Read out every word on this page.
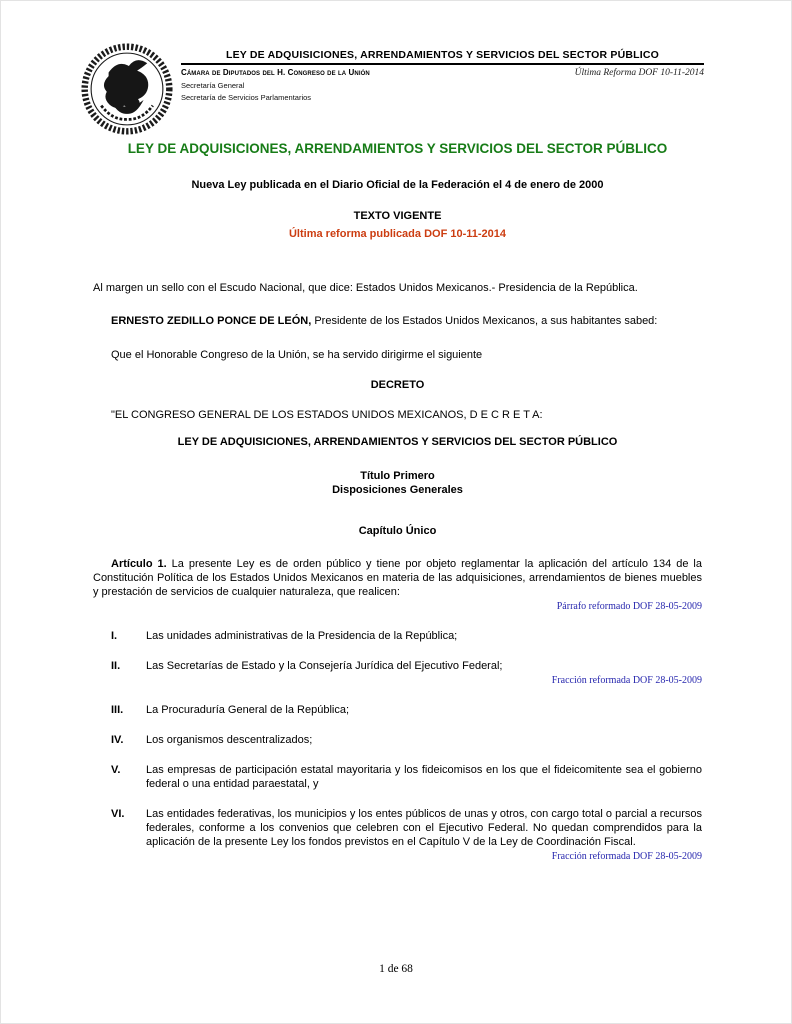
LEY DE ADQUISICIONES, ARRENDAMIENTOS Y SERVICIOS DEL SECTOR PÚBLICO
Cámara de Diputados del H. Congreso de la Unión	Última Reforma DOF 10-11-2014
Secretaría General
Secretaría de Servicios Parlamentarios
LEY DE ADQUISICIONES, ARRENDAMIENTOS Y SERVICIOS DEL SECTOR PÚBLICO
Nueva Ley publicada en el Diario Oficial de la Federación el 4 de enero de 2000
TEXTO VIGENTE
Última reforma publicada DOF 10-11-2014

Al margen un sello con el Escudo Nacional, que dice: Estados Unidos Mexicanos.- Presidencia de la República.

ERNESTO ZEDILLO PONCE DE LEÓN, Presidente de los Estados Unidos Mexicanos, a sus habitantes sabed:

Que el Honorable Congreso de la Unión, se ha servido dirigirme el siguiente

DECRETO

"EL CONGRESO GENERAL DE LOS ESTADOS UNIDOS MEXICANOS, D E C R E T A:

LEY DE ADQUISICIONES, ARRENDAMIENTOS Y SERVICIOS DEL SECTOR PÚBLICO
Título Primero
Disposiciones Generales
Capítulo Único

Artículo 1. La presente Ley es de orden público y tiene por objeto reglamentar la aplicación del artículo 134 de la Constitución Política de los Estados Unidos Mexicanos en materia de las adquisiciones, arrendamientos de bienes muebles y prestación de servicios de cualquier naturaleza, que realicen:

Párrafo reformado DOF 28-05-2009
I.	Las unidades administrativas de la Presidencia de la República;
II.	Las Secretarías de Estado y la Consejería Jurídica del Ejecutivo Federal;
Fracción reformada DOF 28-05-2009
III.	La Procuraduría General de la República;
IV.	Los organismos descentralizados;
V.	Las empresas de participación estatal mayoritaria y los fideicomisos en los que el fideicomitente sea el gobierno federal o una entidad paraestatal, y
VI.	Las entidades federativas, los municipios y los entes públicos de unas y otros, con cargo total o parcial a recursos federales, conforme a los convenios que celebren con el Ejecutivo Federal. No quedan comprendidos para la aplicación de la presente Ley los fondos previstos en el Capítulo V de la Ley de Coordinación Fiscal.
Fracción reformada DOF 28-05-2009
1 de 68
